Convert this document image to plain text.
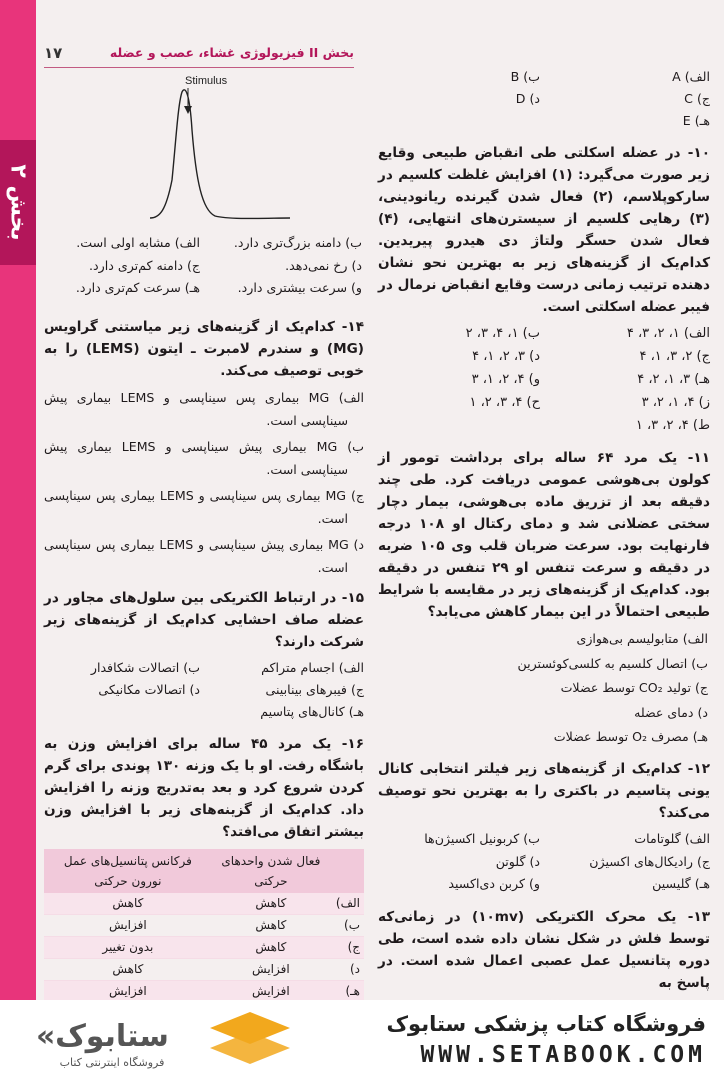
بخش ۲
۱۷	بخش II فیزیولوژی غشاء، عصب و عضله
Stimulus
ب) دامنه بزرگ‌تری دارد.
الف) مشابه اولی است.
د) رخ نمی‌دهد.
ج) دامنه کم‌تری دارد.
و) سرعت بیشتری دارد.
هـ) سرعت کم‌تری دارد.
۱۴- کدام‌یک از گزینه‌های زیر میاستنی گراویس (MG) و سندرم لامبرت ـ ایتون (LEMS) را به خوبی توصیف می‌کند.
الف) MG بیماری پس سیناپسی و LEMS بیماری پیش سیناپسی است.
ب) MG بیماری پیش سیناپسی و LEMS بیماری پیش سیناپسی است.
ج) MG بیماری پس سیناپسی و LEMS بیماری پس سیناپسی است.
د) MG بیماری پیش سیناپسی و LEMS بیماری پس سیناپسی است.
۱۵- در ارتباط الکتریکی بین سلول‌های مجاور در عضله صاف احشایی کدام‌یک از گزینه‌های زیر شرکت دارند؟
الف) اجسام متراکم
ب) اتصالات شکافدار
ج) فیبرهای بینابینی
د) اتصالات مکانیکی
هـ) کانال‌های پتاسیم
۱۶- یک مرد ۴۵ ساله برای افزایش وزن به باشگاه رفت. او با یک وزنه ۱۳۰ پوندی برای گرم کردن شروع کرد و بعد به‌تدریج وزنه را افزایش داد. کدام‌یک از گزینه‌های زیر با افزایش وزن بیشتر اتفاق می‌افتد؟
	فعال شدن واحدهای حرکتی	فرکانس پتانسیل‌های عمل نورون حرکتی
الف)	کاهش	کاهش
ب)	کاهش	افزایش
ج)	کاهش	بدون تغییر
د)	افزایش	کاهش
هـ)	افزایش	افزایش
الف) A
ب) B
ج) C
د) D
هـ) E
۱۰- در عضله اسکلتی طی انقباض طبیعی وقایع زیر صورت می‌گیرد: (۱) افزایش غلظت کلسیم در سارکوپلاسم، (۲) فعال شدن گیرنده ریانودینی، (۳) رهایی کلسیم از سیسترن‌های انتهایی، (۴) فعال شدن حسگر ولتاژ دی هیدرو پیریدین. کدام‌یک از گزینه‌های زیر به بهترین نحو نشان دهنده ترتیب زمانی درست وقایع انقباض نرمال در فیبر عضله اسکلتی است.
الف) ۱، ۲، ۳، ۴
ب) ۱، ۴، ۳، ۲
ج) ۲، ۳، ۱، ۴
د) ۳، ۲، ۱، ۴
هـ) ۳، ۱، ۲، ۴
و) ۴، ۲، ۱، ۳
ز) ۴، ۱، ۲، ۳
ح) ۴، ۳، ۲، ۱
ط) ۴، ۲، ۳، ۱
۱۱- یک مرد ۶۴ ساله برای برداشت تومور از کولون بی‌هوشی عمومی دریافت کرد. طی چند دقیقه بعد از تزریق ماده بی‌هوشی، بیمار دچار سختی عضلانی شد و دمای رکتال او ۱۰۸ درجه فارنهایت بود. سرعت ضربان قلب وی ۱۰۵ ضربه در دقیقه و سرعت تنفس او ۲۹ تنفس در دقیقه بود. کدام‌یک از گزینه‌های زیر در مقایسه با شرایط طبیعی احتمالاً در این بیمار کاهش می‌یابد؟
الف) متابولیسم بی‌هوازی
ب) اتصال کلسیم به کلسی‌کوئسترین
ج) تولید CO₂ توسط عضلات
د) دمای عضله
هـ) مصرف O₂ توسط عضلات
۱۲- کدام‌یک از گزینه‌های زیر فیلتر انتخابی کانال یونی پتاسیم در باکتری را به بهترین نحو توصیف می‌کند؟
الف) گلوتامات
ب) کربونیل اکسیژن‌ها
ج) رادیکال‌های اکسیژن
د) گلوتن
هـ) گلیسین
و) کربن دی‌اکسید
۱۳- یک محرک الکتریکی (۱۰mv) در زمانی‌که توسط فلش در شکل نشان داده شده است، طی دوره پتانسیل عمل عصبی اعمال شده است. در پاسخ به
ستابوک
فروشگاه اینترنتی کتاب
«	فروشگاه کتاب پزشکی ستابوک
WWW.SETABOOK.COM
